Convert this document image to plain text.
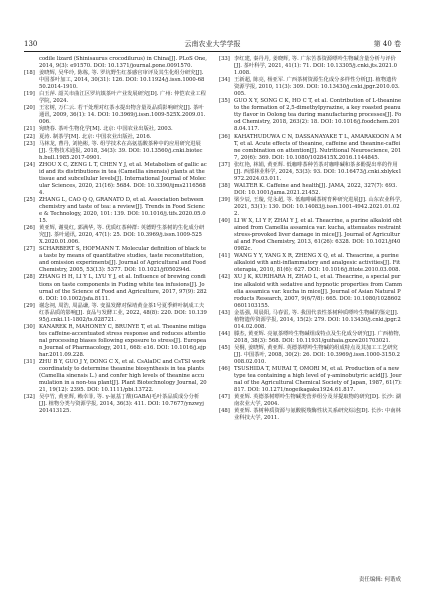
130	云南农业大学学报	第 40 卷

codile lizard (Shinisaurus crocodilurus) in China[J]. PLoS One, 2014, 9(3): e91570. DOI: 10.1371/journal.pone.0091570.

[18] 姜晓辉, 吴华玲, 陈栋, 等. 罗坑野生红茶感官审评及其生化组分研究[J]. 中国茶叶加工, 2014, 30(31): 126. DOI: 10.11924/j.issn.1000-6850.2014-1910.

[19] 白玉萍. 韶关市曲江区罗坑镇茶叶产业发展研究[D]. 广州: 仲恺农业工程学院, 2024.

[20] 王宏树, 万仁云. 若干处理对红茶水提出物含量及品质影响研究[J]. 茶叶通讯, 2009, 36(1): 14. DOI: 10.3969/j.issn.1009-525X.2009.01.006.

[21] 宛晓春. 茶叶生物化学[M]. 北京: 中国农业出版社, 2003.

[22] 夏涛. 制茶学[M]. 北京: 中国农业出版社, 2016.

[23] 马林龙, 曹丹, 刘艳彬, 等. 组学技术在高氨基酸茶种中的应用研究进展[J]. 生物技术通报, 2018, 34(3): 39. DOI: 10.13560/j.cnki.biotech.bull.1985.2017-0901.

[24] ZHOU X C, ZENG L T, CHEN Y J, et al. Metabolism of gallic acid and its distributions in tea (Camellia sinensis) plants at the tissue and subcellular levels[J]. International Journal of Molecular Sciences, 2020, 21(16): 5684. DOI: 10.3390/ijms21165684.

[25] ZHANG L, CAO Q Q, GRANATO D, et al. Association between chemistry and taste of tea: a review[J]. Trends in Food Science & Technology, 2020, 101: 139. DOI: 10.1016/j.tifs.2020.05.015.

[26] 黄亚辉, 谢曼红, 郭满华, 等. 优质红茶种群: 英德野生茶树的生化成分研究[J]. 茶叶通讯, 2020, 47(1): 25. DOI: 10.3969/j.issn.1009-525X.2020.01.006.

[27] SCHARBERT S, HOFMANN T. Molecular definition of black tea taste by means of quantitative studies, taste reconstitution, and omission experiments[J]. Journal of Agricultural and Food Chemistry, 2005, 53(13): 5377. DOI: 10.1021/jf050294d.

[28] ZHANG H H, LI Y L, LYU Y J, et al. Influence of brewing conditions on taste components in Fuding white tea infusions[J]. Journal of the Science of Food and Agriculture, 2017, 97(9): 2826. DOI: 10.1002/jsfa.8111.

[29] 谢念祠, 周浩, 周晶谦, 等. 变温发酵对保靖黄金茶1号夏季鲜叶制成工夫红茶品质的影响[J]. 食品与发酵工业, 2022, 48(8): 220. DOI: 10.13995/j.cnki.11-1802/ts.028721.

[30] KANAREK R, MAHONEY C, BRUNYE T, et al. Theanine mitigates caffeine-accentuated stress response and reduces attentional processing biases following exposure to stress[J]. European Journal of Pharmacology, 2011, 668: e16. DOI: 10.1016/j.ejphar.2011.09.228.

[31] ZHU B Y, GUO J Y, DONG C X, et al. CsAlaDC and CsTSI work coordinately to determine theanine biosynthesis in tea plants (Camellia sinensis L.) and confer high levels of theanine accumulation in a non-tea plant[J]. Plant Biotechnology Journal, 2021, 19(12): 2395. DOI: 10.1111/pbi.13722.

[32] 吴亭竹, 黄亚辉, 赖幸菲, 等. γ-氨基丁酸(GABA)毛叶茶品质成分分析[J]. 植物分类与资源学报, 2014, 36(3): 411. DOI: 10.7677/ynzwyj201413125.

[33] 李红建, 秦丹丹, 姜晓辉, 等. 广东苦茶资源嘌呤生物碱含量分析与评价[J]. 茶叶科学, 2021, 41(1): 71. DOI: 10.13305/j.cnki.jts.2021.01.008.

[34] 王新超, 陈亮, 杨亚军. 广西茶树资源生化成分多样性分析[J]. 植物遗传资源学报, 2010, 11(3): 309. DOI: 10.13430/j.cnki.jpgr.2010.03.005.

[35] GUO X Y, SONG C K, HO C T, et al. Contribution of L-theanine to the formation of 2,5-dimethylpyrazine, a key roasted peanutty flavor in Oolong tea during manufacturing processes[J]. Food Chemistry, 2018, 263(2): 18. DOI: 10.1016/j.foodchem.2018.04.117.

[36] KAHATHUDUWA C N, DASSANAYAKE T L, AMARAKOON A M T, et al. Acute effects of theanine, caffeine and theanine-caffeine combination on attention[J]. Nutritional Neuroscience, 2017, 20(6): 369. DOI: 10.1080/1028415X.2016.1144845.

[37] 张红艳, 林娟, 黄亚辉. 低咖啡茶种苦茶对咖啡碱和茶多酚提出率的作用[J]. 西部林业科学, 2024, 53(3): 93. DOI: 10.16473/j.cnki.xblykx1972.2024.03.011.

[38] WALTER K. Caffeine and health[J]. JAMA, 2022, 327(7): 693. DOI: 10.1001/jama.2021.21452.

[39] 梁少辰, 王璇, 党永超, 等. 低咖啡碱茶树育种研究进展[J]. 山东农业科学, 2021, 53(1): 130. DOI: 10.14083/j.issn.1001-4942.2021.01.022.

[40] LI W X, LI Y F, ZHAI Y J, et al. Theacrine, a purine alkaloid obtained from Camellia assamica var. kucha, attenuates restraint stress-provoked liver damage in mice[J]. Journal of Agricultural and Food Chemistry, 2013, 61(26): 6328. DOI: 10.1021/jf400982c.

[41] WANG Y Y, YANG X R, ZHENG X Q, et al. Theacrine, a purine alkaloid with anti-inflammatory and analgesic activities[J]. Fitoterapia, 2010, 81(6): 627. DOI: 10.1016/j.fitote.2010.03.008.

[42] XU J K, KURIHARA H, ZHAO L, et al. Theacrine, a special purine alkaloid with sedative and hypnotic properties from Cammelia assamica var. kucha in mice[J]. Journal of Asian Natural Products Research, 2007, 9(6/7/8): 665. DOI: 10.1080/10286020601103155.

[43] 金基强, 周晨阳, 马春雷, 等. 我国代表性茶树种质嘌呤生物碱的鉴定[J]. 植物遗传资源学报, 2014, 15(2): 279. DOI: 10.13430/j.cnki.jpgr.2014.02.008.

[44] 滕杰, 黄亚辉. 亮氨茶嘌呤生物碱组成特点及生化成分研究[J]. 广西植物, 2018, 38(3): 568. DOI: 10.11931/guihaia.gxzw201703021.

[45] 吴桐, 姜晓辉, 黄亚辉. 英德茶嘌呤生物碱的组成特点及其加工工艺研究[J]. 中国茶叶, 2008, 30(2): 26. DOI: 10.3969/j.issn.1000-3150.2008.02.010.

[46] TSUSHIDA T, MURAI T, OMORI M, et al. Production of a new type tea containing a high level of γ-aminobutyric acid[J]. Journal of the Agricultural Chemical Society of Japan, 1987, 61(7): 817. DOI: 10.1271/nogeikagaku1924.61.817.

[47] 黄亚辉. 英德茶树嘌呤生物碱类营养组分及芽提取物的研究[D]. 长沙: 湖南农业大学, 2004.

[48] 黄亚辉. 茶树种质资源与氨酸脱羧酶性状关系研究综述[D]. 长沙: 中南林业科技大学, 2011.

责任编辑: 何谐成
